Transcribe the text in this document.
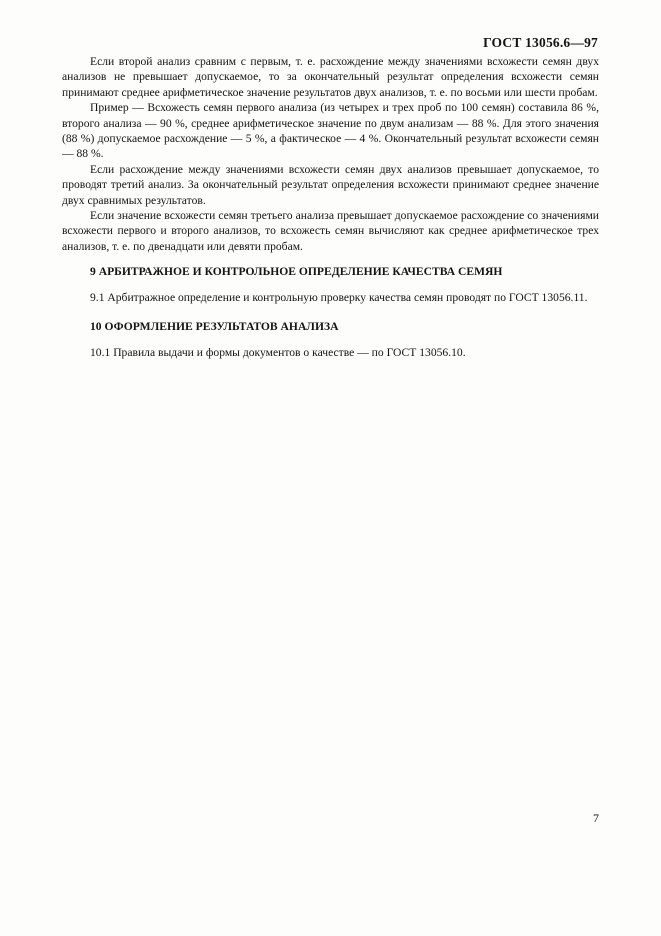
ГОСТ 13056.6—97

Если второй анализ сравним с первым, т. е. расхождение между значениями всхожести семян двух анализов не превышает допускаемое, то за окончательный результат определения всхожести семян принимают среднее арифметическое значение результатов двух анализов, т. е. по восьми или шести пробам.

Пример — Всхожесть семян первого анализа (из четырех и трех проб по 100 семян) составила 86 %, второго анализа — 90 %, среднее арифметическое значение по двум анализам — 88 %. Для этого значения (88 %) допускаемое расхождение — 5 %, а фактическое — 4 %. Окончательный результат всхожести семян — 88 %.

Если расхождение между значениями всхожести семян двух анализов превышает допускаемое, то проводят третий анализ. За окончательный результат определения всхожести принимают среднее значение двух сравнимых результатов.

Если значение всхожести семян третьего анализа превышает допускаемое расхождение со значениями всхожести первого и второго анализов, то всхожесть семян вычисляют как среднее арифметическое трех анализов, т. е. по двенадцати или девяти пробам.

9 АРБИТРАЖНОЕ И КОНТРОЛЬНОЕ ОПРЕДЕЛЕНИЕ КАЧЕСТВА СЕМЯН

9.1 Арбитражное определение и контрольную проверку качества семян проводят по ГОСТ 13056.11.

10 ОФОРМЛЕНИЕ РЕЗУЛЬТАТОВ АНАЛИЗА

10.1 Правила выдачи и формы документов о качестве — по ГОСТ 13056.10.

7
